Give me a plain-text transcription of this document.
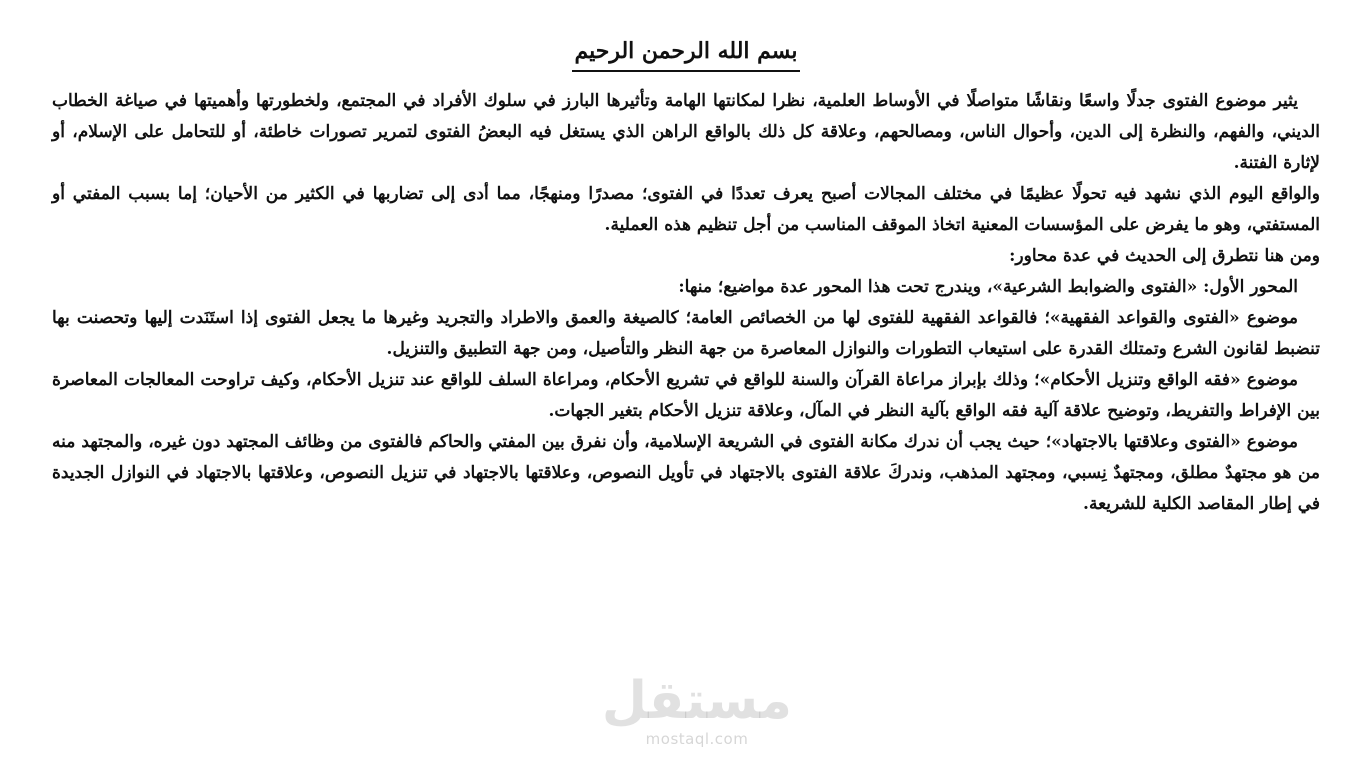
بسم الله الرحمن الرحيم

يثير موضوع الفتوى جدلًا واسعًا ونقاشًا متواصلًا في الأوساط العلمية، نظرا لمكانتها الهامة وتأثيرها البارز في سلوك الأفراد في المجتمع، ولخطورتها وأهميتها في صياغة الخطاب الديني، والفهم، والنظرة إلى الدين، وأحوال الناس، ومصالحهم، وعلاقة كل ذلك بالواقع الراهن الذي يستغل فيه البعضُ الفتوى لتمرير تصورات خاطئة، أو للتحامل على الإسلام، أو لإثارة الفتنة.

والواقع اليوم الذي نشهد فيه تحولًا عظيمًا في مختلف المجالات أصبح يعرف تعددًا في الفتوى؛ مصدرًا ومنهجًا، مما أدى إلى تضاربها في الكثير من الأحيان؛ إما بسبب المفتي أو المستفتي، وهو ما يفرض على المؤسسات المعنية اتخاذ الموقف المناسب من أجل تنظيم هذه العملية.

ومن هنا نتطرق إلى الحديث في عدة محاور:

المحور الأول: «الفتوى والضوابط الشرعية»، ويندرج تحت هذا المحور عدة مواضيع؛ منها:

موضوع «الفتوى والقواعد الفقهية»؛ فالقواعد الفقهية للفتوى لها من الخصائص العامة؛ كالصيغة والعمق والاطراد والتجريد وغيرها ما يجعل الفتوى إذا استَنَدت إليها وتحصنت بها تنضبط لقانون الشرع وتمتلك القدرة على استيعاب التطورات والنوازل المعاصرة من جهة النظر والتأصيل، ومن جهة التطبيق والتنزيل.

موضوع «فقه الواقع وتنزيل الأحكام»؛ وذلك بإبراز مراعاة القرآن والسنة للواقع في تشريع الأحكام، ومراعاة السلف للواقع عند تنزيل الأحكام، وكيف تراوحت المعالجات المعاصرة بين الإفراط والتفريط، وتوضيح علاقة آلية فقه الواقع بآلية النظر في المآل، وعلاقة تنزيل الأحكام بتغير الجهات.

موضوع «الفتوى وعلاقتها بالاجتهاد»؛ حيث يجب أن ندرك مكانة الفتوى في الشريعة الإسلامية، وأن نفرق بين المفتي والحاكم فالفتوى من وظائف المجتهد دون غيره، والمجتهد منه من هو مجتهدٌ مطلق، ومجتهدٌ نِسبي، ومجتهد المذهب، وندركَ علاقة الفتوى بالاجتهاد في تأويل النصوص، وعلاقتها بالاجتهاد في تنزيل النصوص، وعلاقتها بالاجتهاد في النوازل الجديدة في إطار المقاصد الكلية للشريعة.

مستقل
mostaql.com
